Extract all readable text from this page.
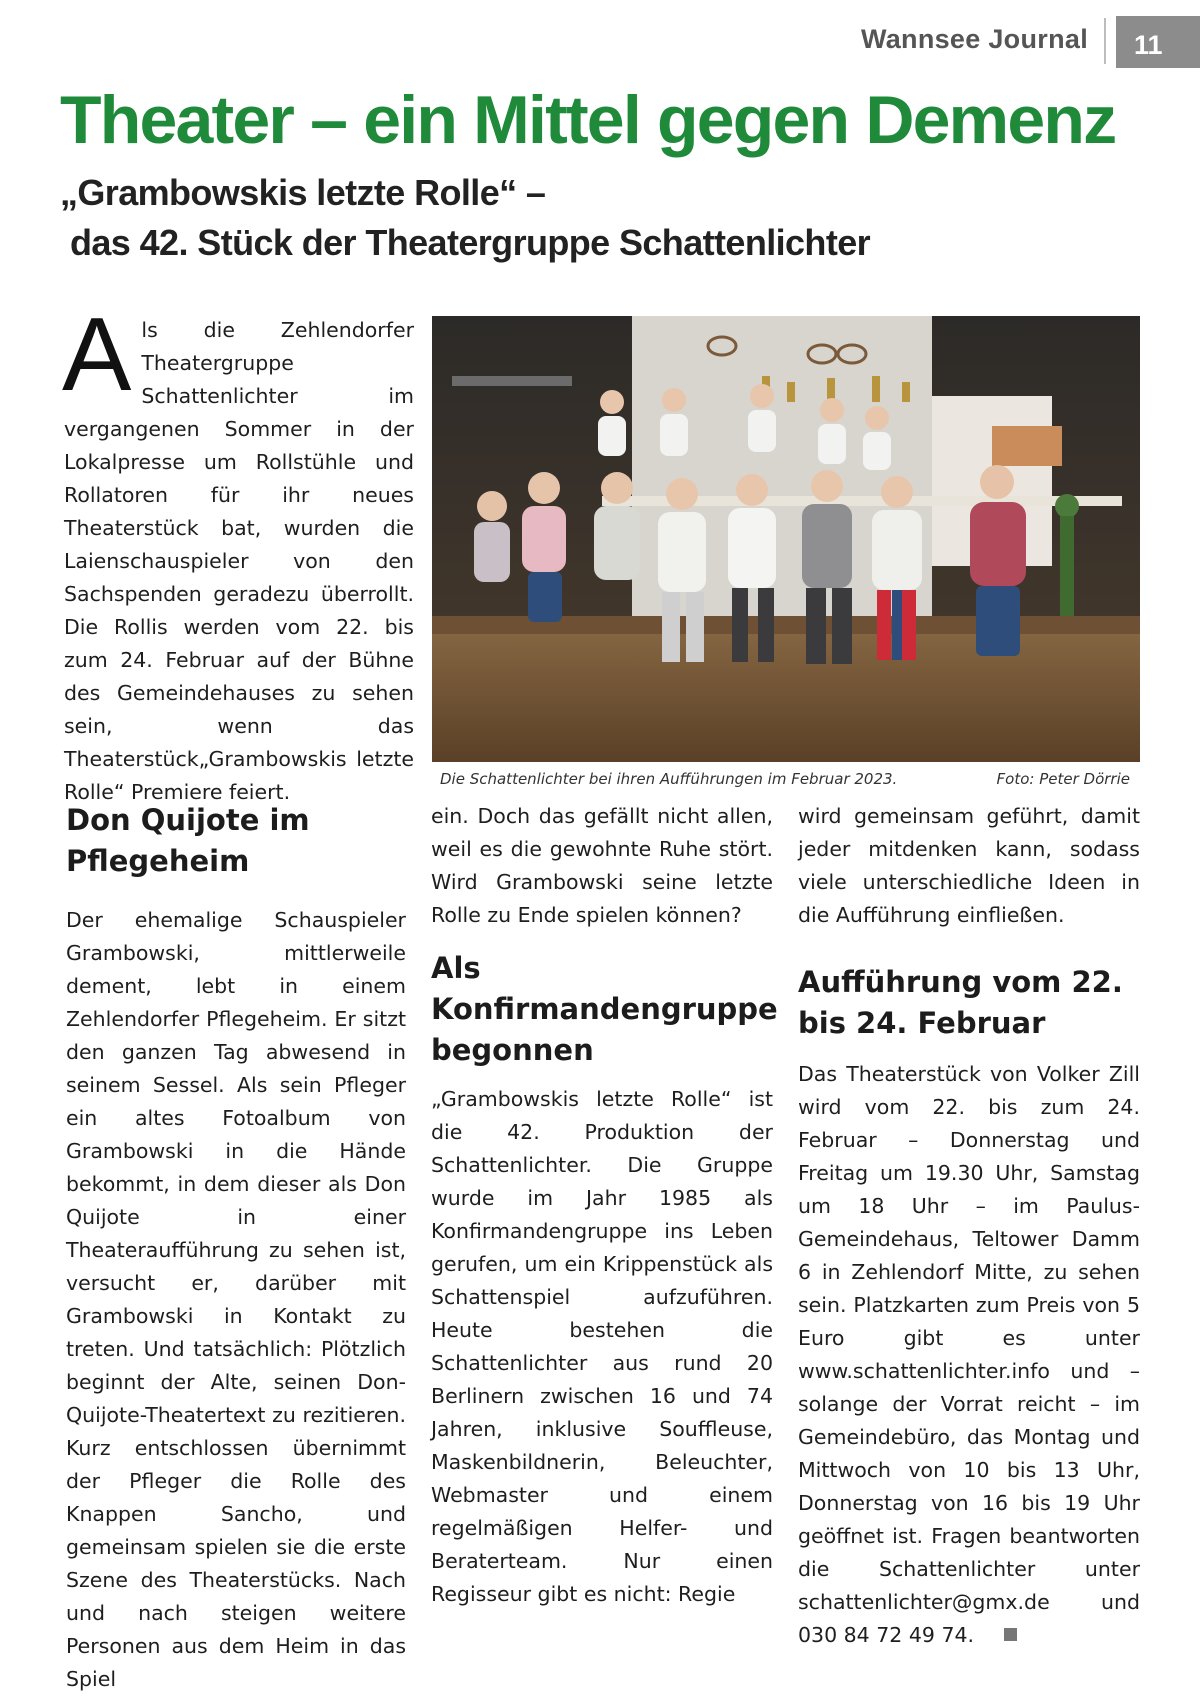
Wannsee Journal	11
Theater – ein Mittel gegen Demenz
„Grambowskis letzte Rolle“ –
das 42. Stück der Theatergruppe Schattenlichter
Als die Zehlendorfer Theatergruppe Schattenlichter im vergangenen Sommer in der Lokalpresse um Rollstühle und Rollatoren für ihr neues Theaterstück bat, wurden die Laienschauspieler von den Sachspenden geradezu überrollt. Die Rollis werden vom 22. bis zum 24. Februar auf der Bühne des Gemeindehauses zu sehen sein, wenn das Theaterstück„Grambowskis letzte Rolle“ Premiere feiert.
Die Schattenlichter bei ihren Aufführungen im Februar 2023.	Foto: Peter Dörrie
Don Quijote im Pflegeheim

Der ehemalige Schauspieler Grambowski, mittlerweile dement, lebt in einem Zehlendorfer Pflegeheim. Er sitzt den ganzen Tag abwesend in seinem Sessel. Als sein Pfleger ein altes Fotoalbum von Grambowski in die Hände bekommt, in dem dieser als Don Quijote in einer Theateraufführung zu sehen ist, versucht er, darüber mit Grambowski in Kontakt zu treten. Und tatsächlich: Plötzlich beginnt der Alte, seinen Don-Quijote-Theatertext zu rezitieren. Kurz entschlossen übernimmt der Pfleger die Rolle des Knappen Sancho, und gemeinsam spielen sie die erste Szene des Theaterstücks. Nach und nach steigen weitere Personen aus dem Heim in das Spiel

ein. Doch das gefällt nicht allen, weil es die gewohnte Ruhe stört. Wird Grambowski seine letzte Rolle zu Ende spielen können?

Als Konfirmandengruppe begonnen

„Grambowskis letzte Rolle“ ist die 42. Produktion der Schattenlichter. Die Gruppe wurde im Jahr 1985 als Konfirmandengruppe ins Leben gerufen, um ein Krippenstück als Schattenspiel aufzuführen. Heute bestehen die Schattenlichter aus rund 20 Berlinern zwischen 16 und 74 Jahren, inklusive Souffleuse, Maskenbildnerin, Beleuchter, Webmaster und einem regelmäßigen Helfer- und Beraterteam. Nur einen Regisseur gibt es nicht: Regie

wird gemeinsam geführt, damit jeder mitdenken kann, sodass viele unterschiedliche Ideen in die Aufführung einfließen.

Aufführung vom 22. bis 24. Februar

Das Theaterstück von Volker Zill wird vom 22. bis zum 24. Februar – Donnerstag und Freitag um 19.30 Uhr, Samstag um 18 Uhr – im Paulus-Gemeindehaus, Teltower Damm 6 in Zehlendorf Mitte, zu sehen sein. Platzkarten zum Preis von 5 Euro gibt es unter www.schattenlichter.info und – solange der Vorrat reicht – im Gemeindebüro, das Montag und Mittwoch von 10 bis 13 Uhr, Donnerstag von 16 bis 19 Uhr geöffnet ist. Fragen beantworten die Schattenlichter unter schattenlichter@gmx.de und 030 84 72 49 74.
